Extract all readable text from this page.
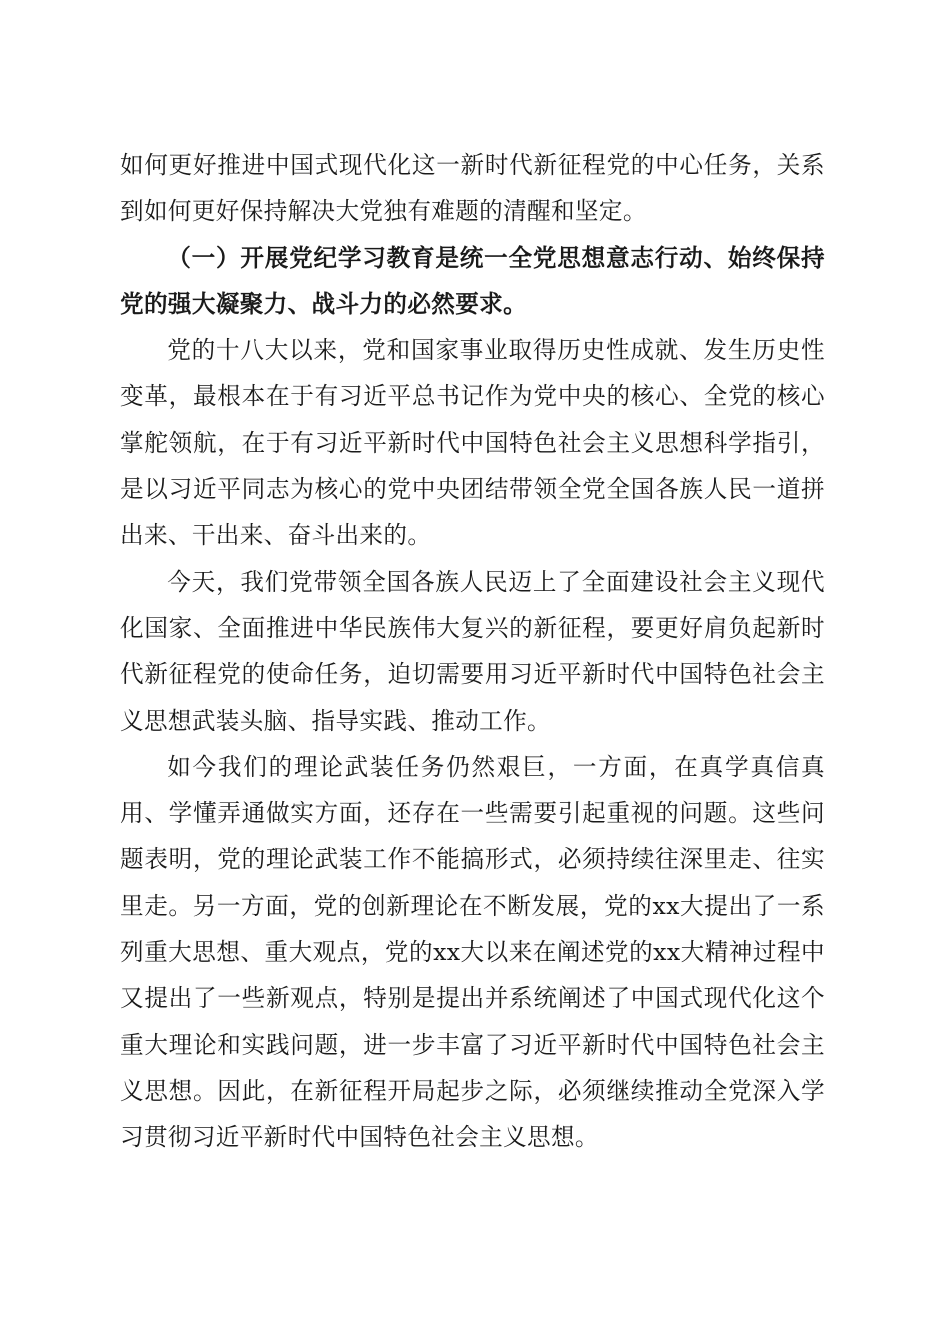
如何更好推进中国式现代化这一新时代新征程党的中心任务，关系到如何更好保持解决大党独有难题的清醒和坚定。

（一）开展党纪学习教育是统一全党思想意志行动、始终保持党的强大凝聚力、战斗力的必然要求。

党的十八大以来，党和国家事业取得历史性成就、发生历史性变革，最根本在于有习近平总书记作为党中央的核心、全党的核心掌舵领航，在于有习近平新时代中国特色社会主义思想科学指引，是以习近平同志为核心的党中央团结带领全党全国各族人民一道拼出来、干出来、奋斗出来的。

今天，我们党带领全国各族人民迈上了全面建设社会主义现代化国家、全面推进中华民族伟大复兴的新征程，要更好肩负起新时代新征程党的使命任务，迫切需要用习近平新时代中国特色社会主义思想武装头脑、指导实践、推动工作。

如今我们的理论武装任务仍然艰巨，一方面，在真学真信真用、学懂弄通做实方面，还存在一些需要引起重视的问题。这些问题表明，党的理论武装工作不能搞形式，必须持续往深里走、往实里走。另一方面，党的创新理论在不断发展，党的xx大提出了一系列重大思想、重大观点，党的xx大以来在阐述党的xx大精神过程中又提出了一些新观点，特别是提出并系统阐述了中国式现代化这个重大理论和实践问题，进一步丰富了习近平新时代中国特色社会主义思想。因此，在新征程开局起步之际，必须继续推动全党深入学习贯彻习近平新时代中国特色社会主义思想。
